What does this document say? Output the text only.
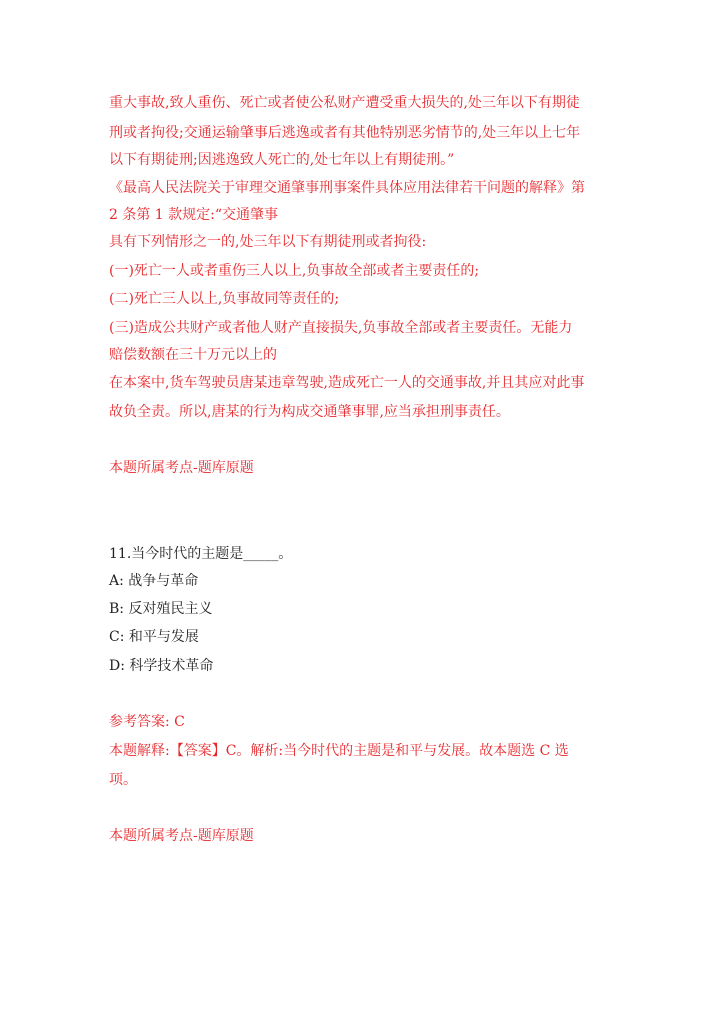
重大事故,致人重伤、死亡或者使公私财产遭受重大损失的,处三年以下有期徒
刑或者拘役;交通运输肇事后逃逸或者有其他特别恶劣情节的,处三年以上七年
以下有期徒刑;因逃逸致人死亡的,处七年以上有期徒刑。”
《最高人民法院关于审理交通肇事刑事案件具体应用法律若干问题的解释》第
2 条第 1 款规定:“交通肇事
具有下列情形之一的,处三年以下有期徒刑或者拘役:
(一)死亡一人或者重伤三人以上,负事故全部或者主要责任的;
(二)死亡三人以上,负事故同等责任的;
(三)造成公共财产或者他人财产直接损失,负事故全部或者主要责任。无能力
赔偿数额在三十万元以上的
在本案中,货车驾驶员唐某违章驾驶,造成死亡一人的交通事故,并且其应对此事
故负全责。所以,唐某的行为构成交通肇事罪,应当承担刑事责任。
本题所属考点-题库原题
11.当今时代的主题是_____。
A: 战争与革命
B: 反对殖民主义
C: 和平与发展
D: 科学技术革命
参考答案: C
本题解释:【答案】C。解析:当今时代的主题是和平与发展。故本题选 C 选
项。
本题所属考点-题库原题
